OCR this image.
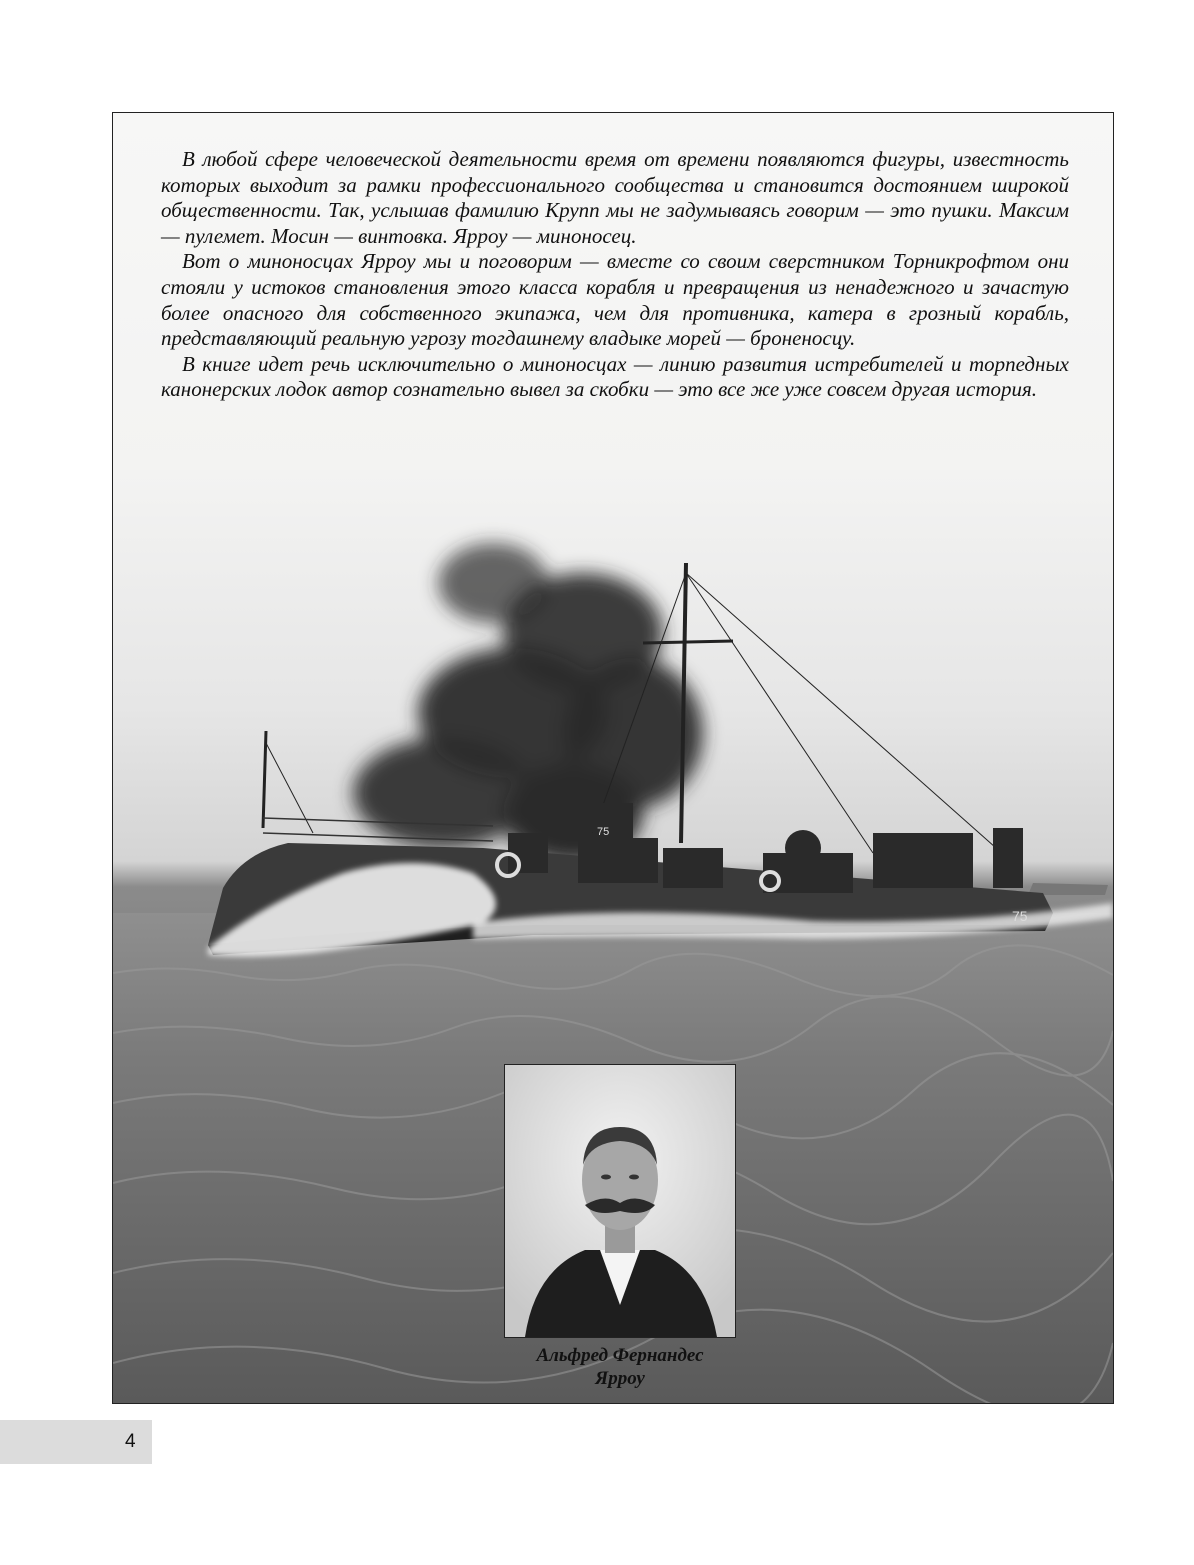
75
75

В любой сфере человеческой деятельности время от времени появляются фигуры, известность которых выходит за рамки профессионального сообщества и становится достоянием широкой общественности. Так, услышав фамилию Крупп мы не задумываясь говорим — это пушки. Максим — пулемет. Мосин — винтовка. Ярроу — миноносец.

Вот о миноносцах Ярроу мы и поговорим — вместе со своим сверстником Торникрофтом они стояли у истоков становления этого класса корабля и превращения из ненадежного и зачастую более опасного для собственного экипажа, чем для противника, катера в грозный корабль, представляющий реальную угрозу тогдашнему владыке морей — броненосцу.

В книге идет речь исключительно о миноносцах — линию развития истребителей и торпедных канонерских лодок автор сознательно вывел за скобки — это все же уже совсем другая история.

Альфред Фернандес
Ярроу

4
